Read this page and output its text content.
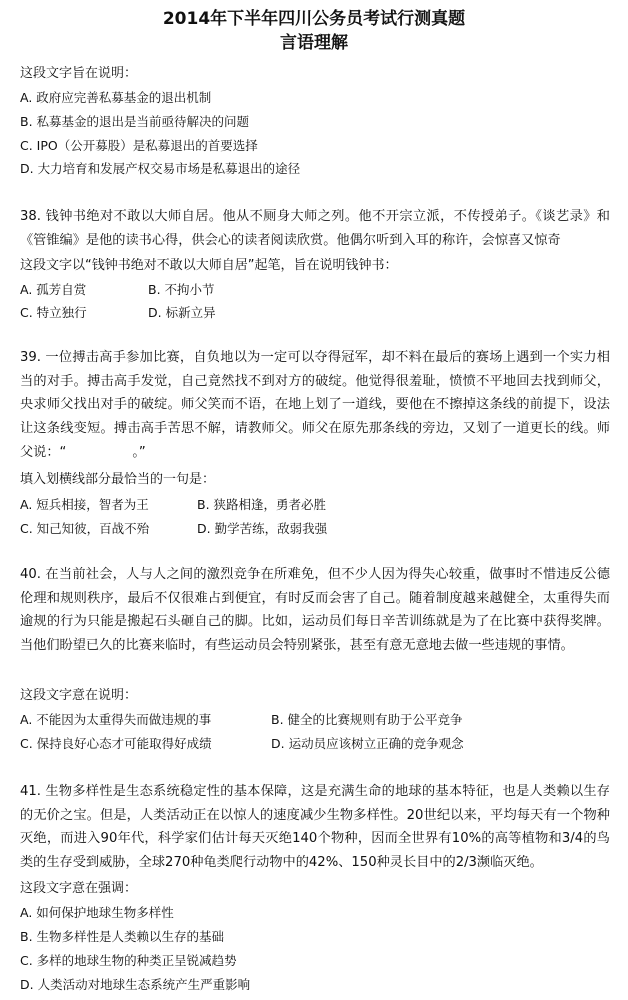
2014年下半年四川公务员考试行测真题
言语理解

这段文字旨在说明：

A. 政府应完善私募基金的退出机制

B. 私募基金的退出是当前亟待解决的问题

C. IPO（公开募股）是私募退出的首要选择

D. 大力培育和发展产权交易市场是私募退出的途径

38. 钱钟书绝对不敢以大师自居。他从不厕身大师之列。他不开宗立派，不传授弟子。《谈艺录》和《管锥编》是他的读书心得，供会心的读者阅读欣赏。他偶尔听到入耳的称许，会惊喜又惊奇

这段文字以“钱钟书绝对不敢以大师自居”起笔，旨在说明钱钟书：

A. 孤芳自赏	B. 不拘小节

C. 特立独行	D. 标新立异

39. 一位搏击高手参加比赛，自负地以为一定可以夺得冠军，却不料在最后的赛场上遇到一个实力相当的对手。搏击高手发觉，自己竟然找不到对方的破绽。他觉得很羞耻，愤愤不平地回去找到师父，央求师父找出对手的破绽。师父笑而不语，在地上划了一道线，要他在不擦掉这条线的前提下，设法让这条线变短。搏击高手苦思不解，请教师父。师父在原先那条线的旁边，又划了一道更长的线。师父说：“　　　　　。”

填入划横线部分最恰当的一句是：

A. 短兵相接，智者为王	B. 狭路相逢，勇者必胜

C. 知己知彼，百战不殆	D. 勤学苦练，敌弱我强

40. 在当前社会，人与人之间的激烈竞争在所难免，但不少人因为得失心较重，做事时不惜违反公德伦理和规则秩序，最后不仅很难占到便宜，有时反而会害了自己。随着制度越来越健全，太重得失而逾规的行为只能是搬起石头砸自己的脚。比如，运动员们每日辛苦训练就是为了在比赛中获得奖牌。当他们盼望已久的比赛来临时，有些运动员会特别紧张，甚至有意无意地去做一些违规的事情。

这段文字意在说明：

A. 不能因为太重得失而做违规的事	B. 健全的比赛规则有助于公平竞争

C. 保持良好心态才可能取得好成绩	D. 运动员应该树立正确的竞争观念

41. 生物多样性是生态系统稳定性的基本保障，这是充满生命的地球的基本特征，也是人类赖以生存的无价之宝。但是，人类活动正在以惊人的速度减少生物多样性。20世纪以来，平均每天有一个物种灭绝，而进入90年代，科学家们估计每天灭绝140个物种，因而全世界有10%的高等植物和3/4的鸟类的生存受到威胁，全球270种龟类爬行动物中的42%、150种灵长目中的2/3濒临灭绝。

这段文字意在强调：

A. 如何保护地球生物多样性

B. 生物多样性是人类赖以生存的基础

C. 多样的地球生物的种类正呈锐减趋势

D. 人类活动对地球生态系统产生严重影响
